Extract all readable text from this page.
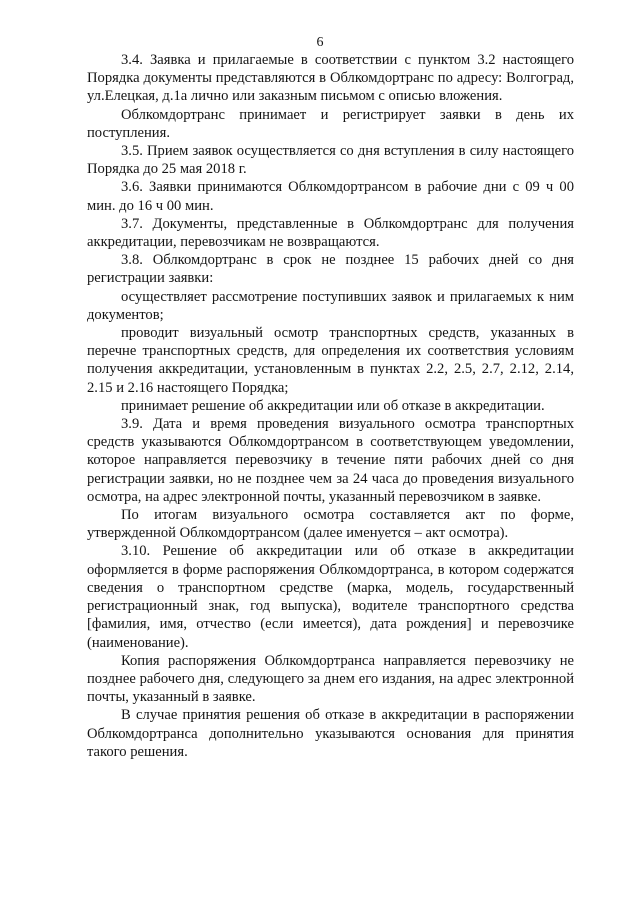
6

3.4. Заявка и прилагаемые в соответствии с пунктом 3.2 настоящего Порядка документы представляются в Облкомдортранс по адресу: Волгоград, ул.Елецкая, д.1а лично или заказным письмом с описью вложения.

Облкомдортранс принимает и регистрирует заявки в день их поступления.

3.5. Прием заявок осуществляется со дня вступления в силу настоящего Порядка до 25 мая 2018 г.

3.6. Заявки принимаются Облкомдортрансом в рабочие дни с 09 ч 00 мин. до 16 ч 00 мин.

3.7. Документы, представленные в Облкомдортранс для получения аккредитации, перевозчикам не возвращаются.

3.8. Облкомдортранс в срок не позднее 15 рабочих дней со дня регистрации заявки:

осуществляет рассмотрение поступивших заявок и прилагаемых к ним документов;

проводит визуальный осмотр транспортных средств, указанных в перечне транспортных средств, для определения их соответствия условиям получения аккредитации, установленным в пунктах 2.2, 2.5, 2.7, 2.12, 2.14, 2.15 и 2.16 настоящего Порядка;

принимает решение об аккредитации или об отказе в аккредитации.

3.9. Дата и время проведения визуального осмотра транспортных средств указываются Облкомдортрансом в соответствующем уведомлении, которое направляется перевозчику в течение пяти рабочих дней со дня регистрации заявки, но не позднее чем за 24 часа до проведения визуального осмотра, на адрес электронной почты, указанный перевозчиком в заявке.

По итогам визуального осмотра составляется акт по форме, утвержденной Облкомдортрансом (далее именуется – акт осмотра).

3.10. Решение об аккредитации или об отказе в аккредитации оформляется в форме распоряжения Облкомдортранса, в котором содержатся сведения о транспортном средстве (марка, модель, государственный регистрационный знак, год выпуска), водителе транспортного средства [фамилия, имя, отчество (если имеется), дата рождения] и перевозчике (наименование).

Копия распоряжения Облкомдортранса направляется перевозчику не позднее рабочего дня, следующего за днем его издания, на адрес электронной почты, указанный в заявке.

В случае принятия решения об отказе в аккредитации в распоряжении Облкомдортранса дополнительно указываются основания для принятия такого решения.
